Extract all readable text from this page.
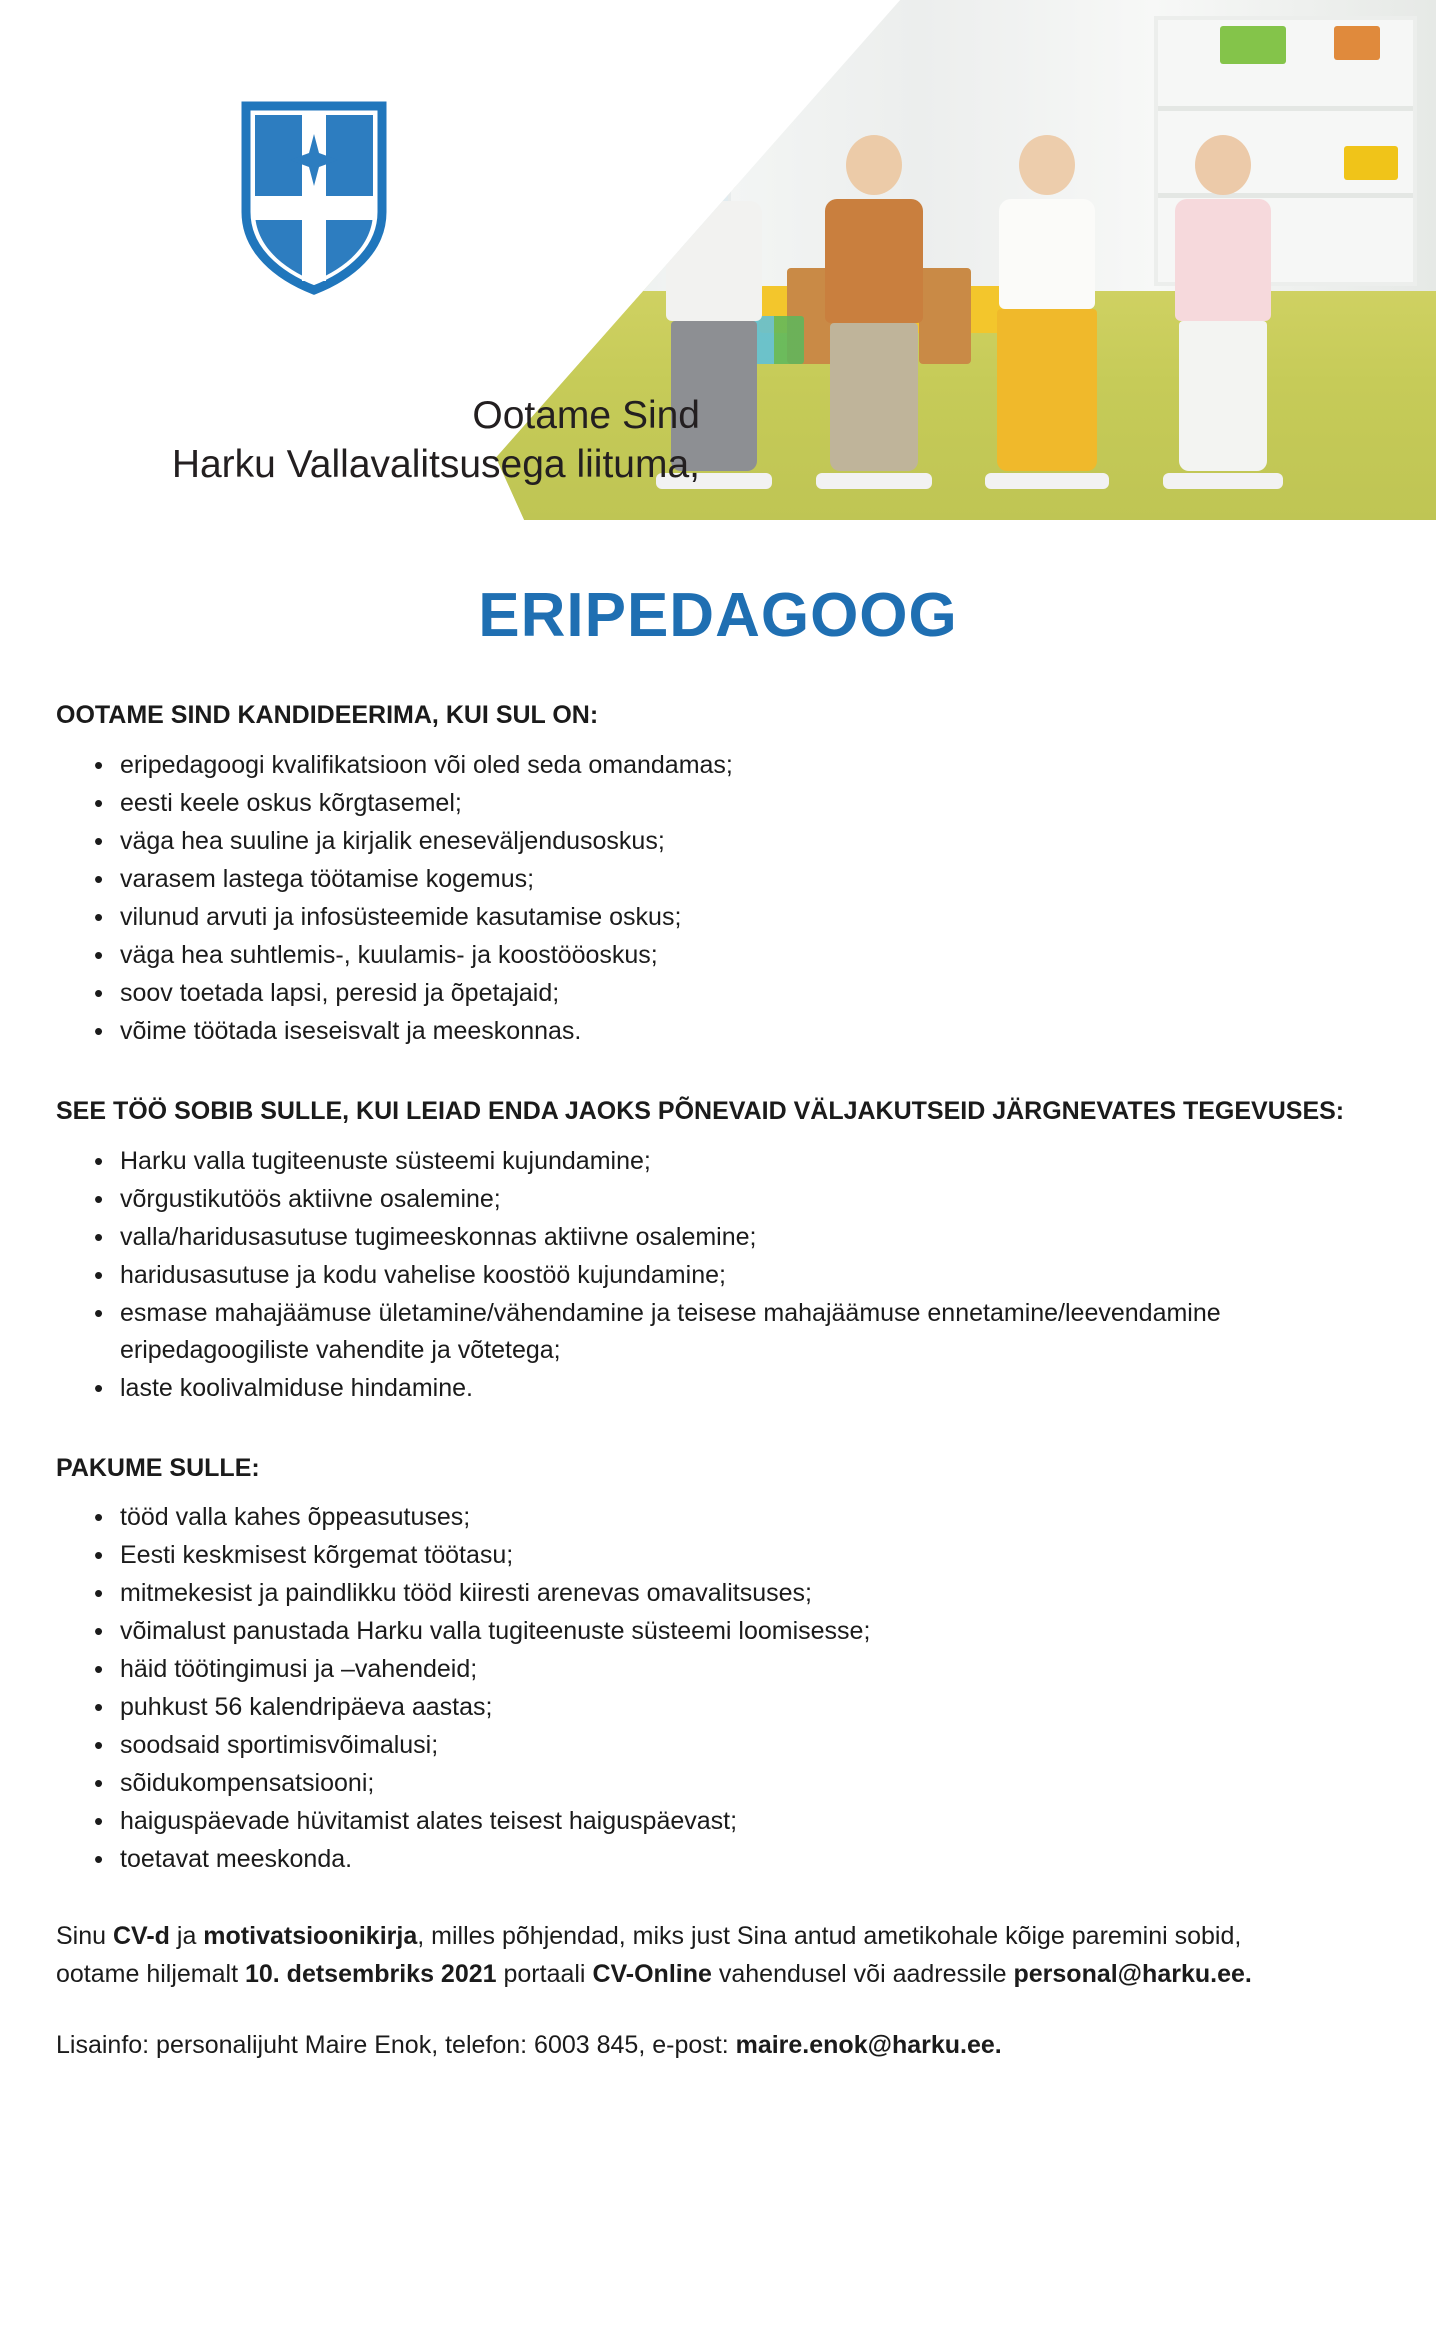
Ootame Sind
Harku Vallavalitsusega liituma,
ERIPEDAGOOG
OOTAME SIND KANDIDEERIMA, KUI SUL ON:
• eripedagoogi kvalifikatsioon või oled seda omandamas;
• eesti keele oskus kõrgtasemel;
• väga hea suuline ja kirjalik eneseväljendusoskus;
• varasem lastega töötamise kogemus;
• vilunud arvuti ja infosüsteemide kasutamise oskus;
• väga hea suhtlemis-, kuulamis- ja koostööoskus;
• soov toetada lapsi, peresid ja õpetajaid;
• võime töötada iseseisvalt ja meeskonnas.
SEE TÖÖ SOBIB SULLE, KUI LEIAD ENDA JAOKS PÕNEVAID VÄLJAKUTSEID JÄRGNEVATES TEGEVUSES:
• Harku valla tugiteenuste süsteemi kujundamine;
• võrgustikutöös aktiivne osalemine;
• valla/haridusasutuse tugimeeskonnas aktiivne osalemine;
• haridusasutuse ja kodu vahelise koostöö kujundamine;
• esmase mahajäämuse ületamine/vähendamine ja teisese mahajäämuse ennetamine/leevendamine eripedagoogiliste vahendite ja võtetega;
• laste koolivalmiduse hindamine.
PAKUME SULLE:
• tööd valla kahes õppeasutuses;
• Eesti keskmisest kõrgemat töötasu;
• mitmekesist ja paindlikku tööd kiiresti arenevas omavalitsuses;
• võimalust panustada Harku valla tugiteenuste süsteemi loomisesse;
• häid töötingimusi ja –vahendeid;
• puhkust 56 kalendripäeva aastas;
• soodsaid sportimisvõimalusi;
• sõidukompensatsiooni;
• haiguspäevade hüvitamist alates teisest haiguspäevast;
• toetavat meeskonda.
Sinu CV-d ja motivatsioonikirja, milles põhjendad, miks just Sina antud ametikohale kõige paremini sobid, ootame hiljemalt 10. detsembriks 2021 portaali CV-Online vahendusel või aadressile personal@harku.ee.
Lisainfo: personalijuht Maire Enok, telefon: 6003 845, e-post: maire.enok@harku.ee.
